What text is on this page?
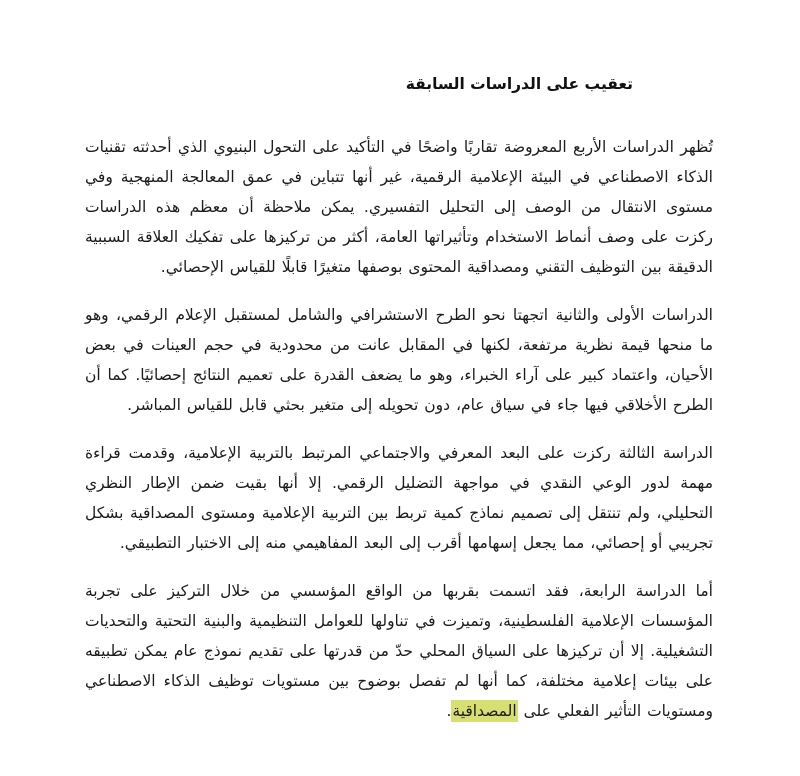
تعقيب على الدراسات السابقة

تُظهر الدراسات الأربع المعروضة تقاربًا واضحًا في التأكيد على التحول البنيوي الذي أحدثته تقنيات الذكاء الاصطناعي في البيئة الإعلامية الرقمية، غير أنها تتباين في عمق المعالجة المنهجية وفي مستوى الانتقال من الوصف إلى التحليل التفسيري. يمكن ملاحظة أن معظم هذه الدراسات ركزت على وصف أنماط الاستخدام وتأثيراتها العامة، أكثر من تركيزها على تفكيك العلاقة السببية الدقيقة بين التوظيف التقني ومصداقية المحتوى بوصفها متغيرًا قابلًا للقياس الإحصائي.

الدراسات الأولى والثانية اتجهتا نحو الطرح الاستشرافي والشامل لمستقبل الإعلام الرقمي، وهو ما منحها قيمة نظرية مرتفعة، لكنها في المقابل عانت من محدودية في حجم العينات في بعض الأحيان، واعتماد كبير على آراء الخبراء، وهو ما يضعف القدرة على تعميم النتائج إحصائيًا. كما أن الطرح الأخلاقي فيها جاء في سياق عام، دون تحويله إلى متغير بحثي قابل للقياس المباشر.

الدراسة الثالثة ركزت على البعد المعرفي والاجتماعي المرتبط بالتربية الإعلامية، وقدمت قراءة مهمة لدور الوعي النقدي في مواجهة التضليل الرقمي. إلا أنها بقيت ضمن الإطار النظري التحليلي، ولم تنتقل إلى تصميم نماذج كمية تربط بين التربية الإعلامية ومستوى المصداقية بشكل تجريبي أو إحصائي، مما يجعل إسهامها أقرب إلى البعد المفاهيمي منه إلى الاختبار التطبيقي.

أما الدراسة الرابعة، فقد اتسمت بقربها من الواقع المؤسسي من خلال التركيز على تجربة المؤسسات الإعلامية الفلسطينية، وتميزت في تناولها للعوامل التنظيمية والبنية التحتية والتحديات التشغيلية. إلا أن تركيزها على السياق المحلي حدّ من قدرتها على تقديم نموذج عام يمكن تطبيقه على بيئات إعلامية مختلفة، كما أنها لم تفصل بوضوح بين مستويات توظيف الذكاء الاصطناعي ومستويات التأثير الفعلي على المصداقية.
